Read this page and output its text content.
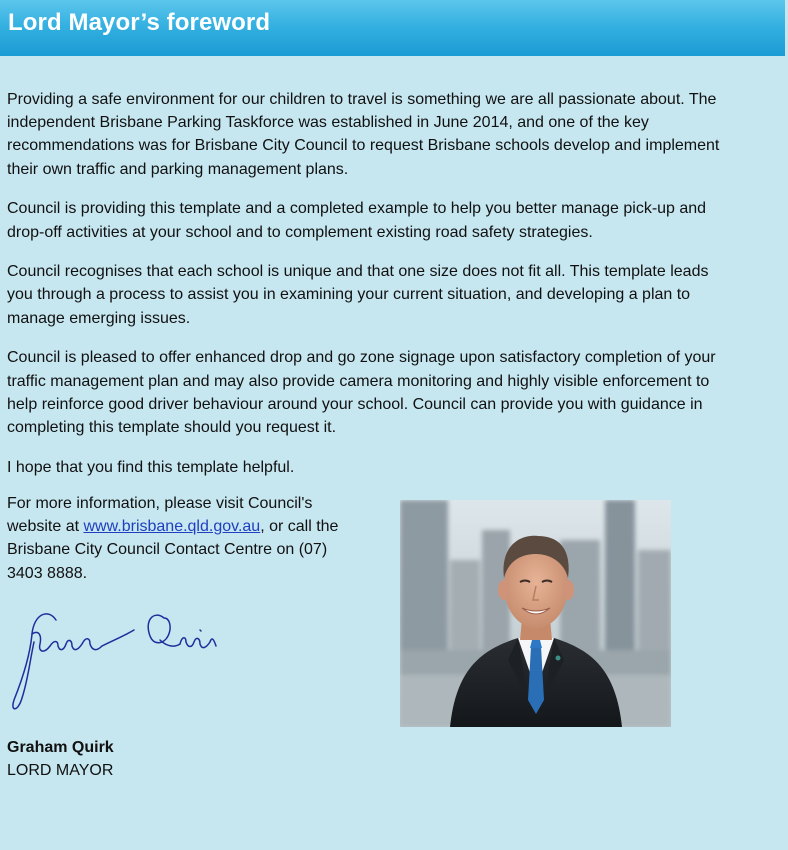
Lord Mayor’s foreword

Providing a safe environment for our children to travel is something we are all passionate about. The independent Brisbane Parking Taskforce was established in June 2014, and one of the key recommendations was for Brisbane City Council to request Brisbane schools develop and implement their own traffic and parking management plans.

Council is providing this template and a completed example to help you better manage pick-up and drop-off activities at your school and to complement existing road safety strategies.

Council recognises that each school is unique and that one size does not fit all. This template leads you through a process to assist you in examining your current situation, and developing a plan to manage emerging issues.

Council is pleased to offer enhanced drop and go zone signage upon satisfactory completion of your traffic management plan and may also provide camera monitoring and highly visible enforcement to help reinforce good driver behaviour around your school. Council can provide you with guidance in completing this template should you request it.

I hope that you find this template helpful.

For more information, please visit Council's website at www.brisbane.qld.gov.au, or call the Brisbane City Council Contact Centre on (07) 3403 8888.
Graham Quirk
LORD MAYOR
